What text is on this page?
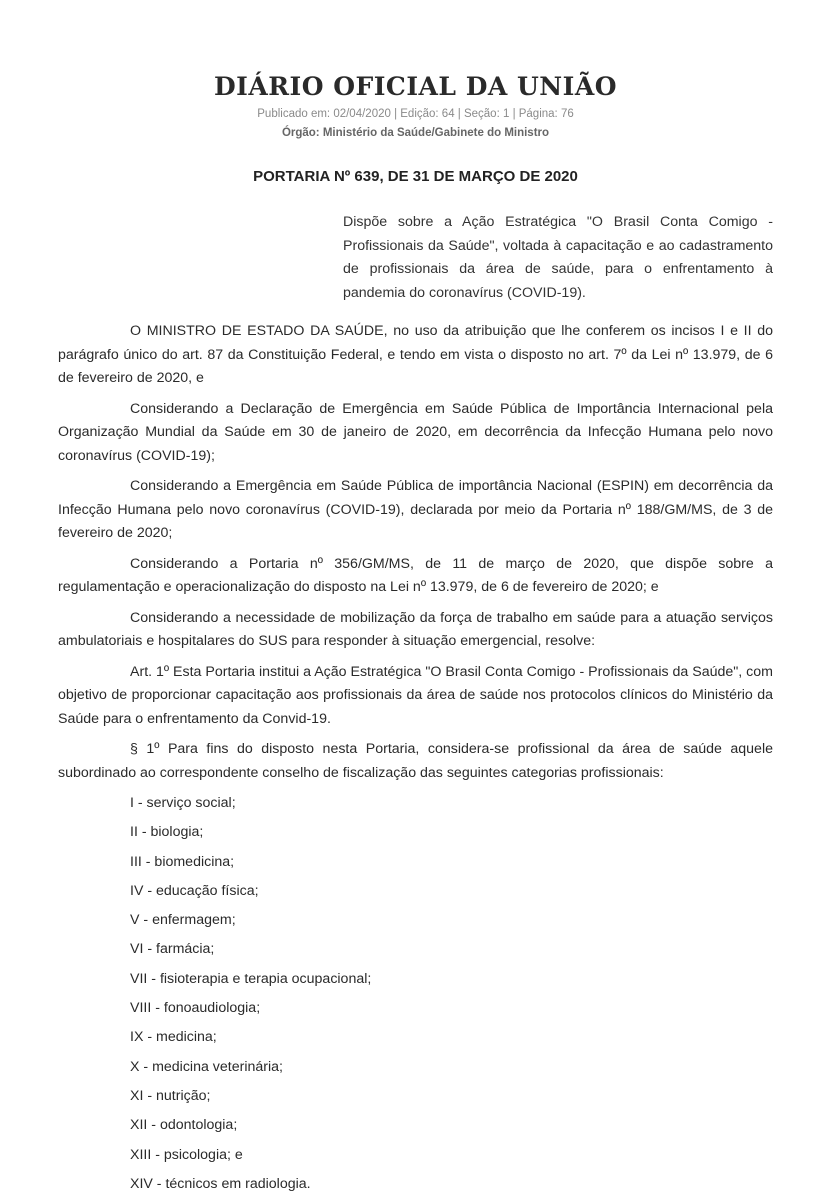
DIÁRIO OFICIAL DA UNIÃO
Publicado em: 02/04/2020 | Edição: 64 | Seção: 1 | Página: 76
Órgão: Ministério da Saúde/Gabinete do Ministro
PORTARIA Nº 639, DE 31 DE MARÇO DE 2020

Dispõe sobre a Ação Estratégica "O Brasil Conta Comigo - Profissionais da Saúde", voltada à capacitação e ao cadastramento de profissionais da área de saúde, para o enfrentamento à pandemia do coronavírus (COVID-19).

O MINISTRO DE ESTADO DA SAÚDE, no uso da atribuição que lhe conferem os incisos I e II do parágrafo único do art. 87 da Constituição Federal, e tendo em vista o disposto no art. 7º da Lei nº 13.979, de 6 de fevereiro de 2020, e

Considerando a Declaração de Emergência em Saúde Pública de Importância Internacional pela Organização Mundial da Saúde em 30 de janeiro de 2020, em decorrência da Infecção Humana pelo novo coronavírus (COVID-19);

Considerando a Emergência em Saúde Pública de importância Nacional (ESPIN) em decorrência da Infecção Humana pelo novo coronavírus (COVID-19), declarada por meio da Portaria nº 188/GM/MS, de 3 de fevereiro de 2020;

Considerando a Portaria nº 356/GM/MS, de 11 de março de 2020, que dispõe sobre a regulamentação e operacionalização do disposto na Lei nº 13.979, de 6 de fevereiro de 2020; e

Considerando a necessidade de mobilização da força de trabalho em saúde para a atuação serviços ambulatoriais e hospitalares do SUS para responder à situação emergencial, resolve:

Art. 1º Esta Portaria institui a Ação Estratégica "O Brasil Conta Comigo - Profissionais da Saúde", com objetivo de proporcionar capacitação aos profissionais da área de saúde nos protocolos clínicos do Ministério da Saúde para o enfrentamento da Convid-19.

§ 1º Para fins do disposto nesta Portaria, considera-se profissional da área de saúde aquele subordinado ao correspondente conselho de fiscalização das seguintes categorias profissionais:

I - serviço social;
II - biologia;
III - biomedicina;
IV - educação física;
V - enfermagem;
VI - farmácia;
VII - fisioterapia e terapia ocupacional;
VIII - fonoaudiologia;
IX - medicina;
X - medicina veterinária;
XI - nutrição;
XII - odontologia;
XIII - psicologia; e
XIV - técnicos em radiologia.
